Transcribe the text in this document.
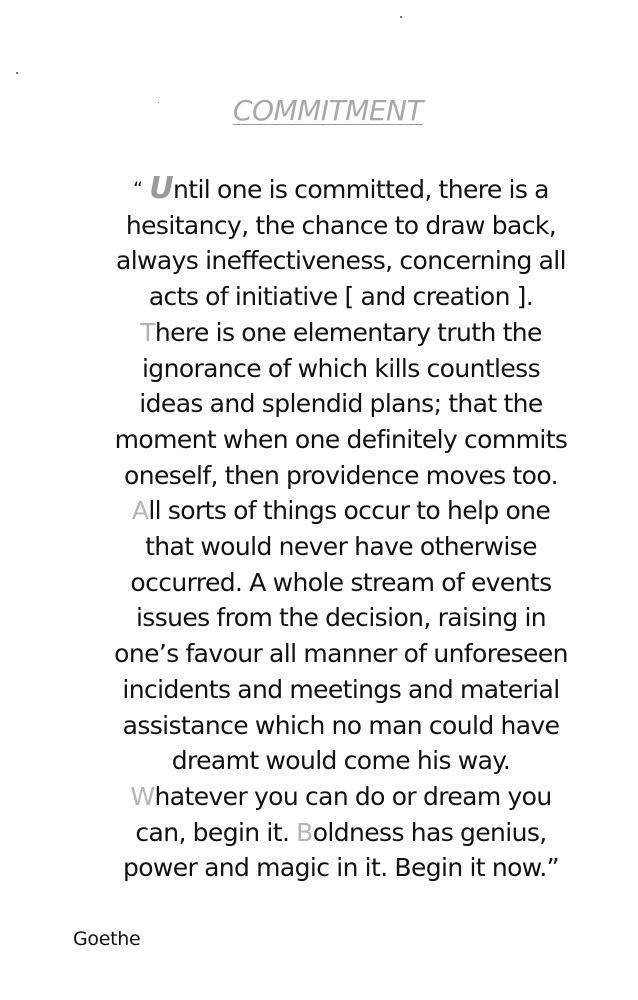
COMMITMENT

“ Until one is committed, there is a
hesitancy, the chance to draw back,
always ineffectiveness, concerning all
acts of initiative [ and creation ].
There is one elementary truth the
ignorance of which kills countless
ideas and splendid plans; that the
moment when one definitely commits
oneself, then providence moves too.
All sorts of things occur to help one
that would never have otherwise
occurred. A whole stream of events
issues from the decision, raising in
one’s favour all manner of unforeseen
incidents and meetings and material
assistance which no man could have
dreamt would come his way.
Whatever you can do or dream you
can, begin it. Boldness has genius,
power and magic in it. Begin it now.”

Goethe
